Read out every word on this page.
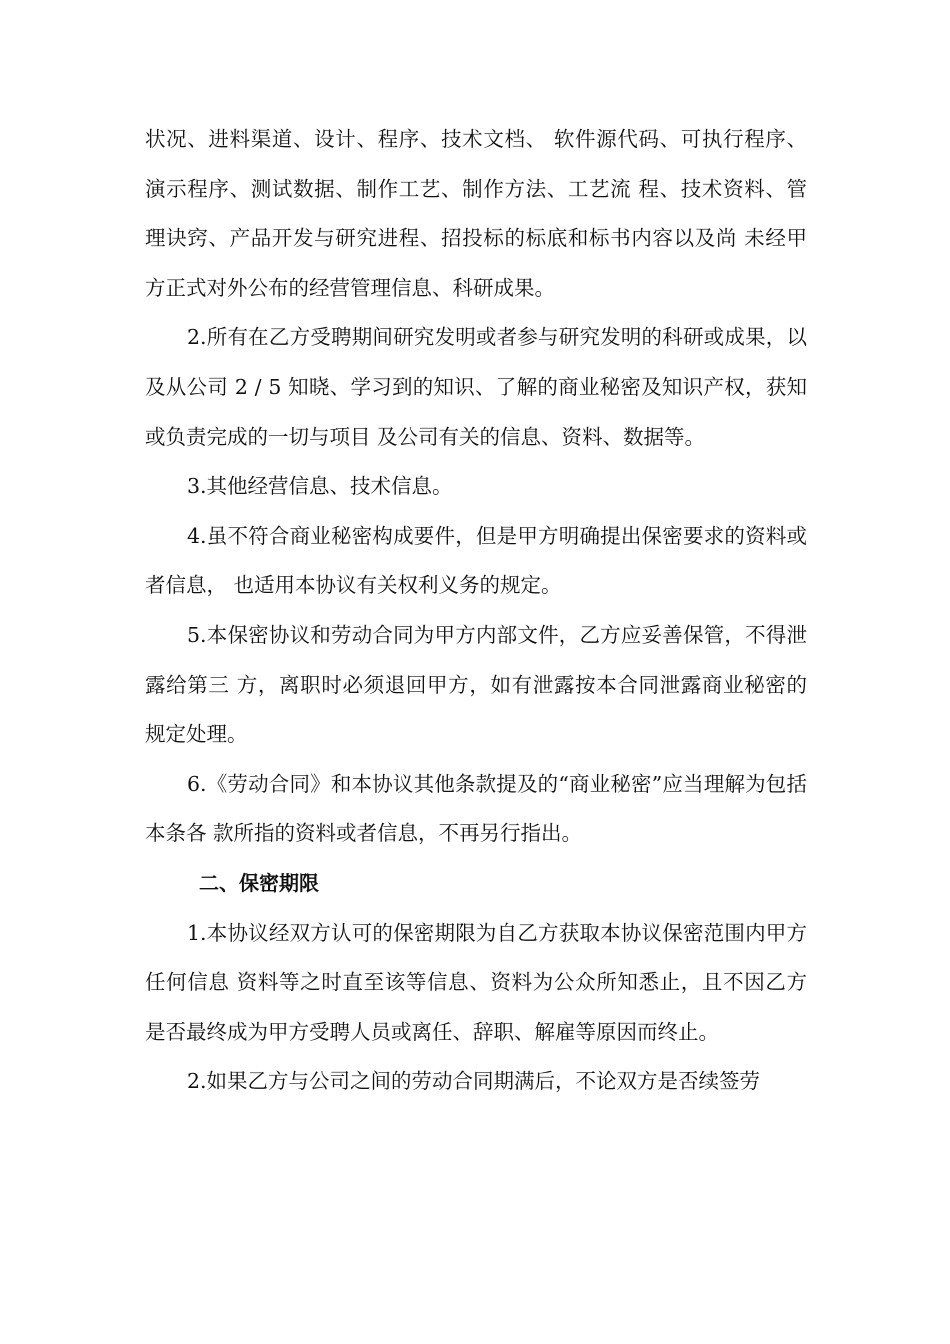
状况、进料渠道、设计、程序、技术文档、 软件源代码、可执行程序、演示程序、测试数据、制作工艺、制作方法、工艺流 程、技术资料、管理诀窍、产品开发与研究进程、招投标的标底和标书内容以及尚 未经甲方正式对外公布的经营管理信息、科研成果。

2.所有在乙方受聘期间研究发明或者参与研究发明的科研或成果，以及从公司 2 / 5 知晓、学习到的知识、了解的商业秘密及知识产权，获知或负责完成的一切与项目 及公司有关的信息、资料、数据等。

3.其他经营信息、技术信息。

4.虽不符合商业秘密构成要件，但是甲方明确提出保密要求的资料或者信息， 也适用本协议有关权利义务的规定。

5.本保密协议和劳动合同为甲方内部文件，乙方应妥善保管，不得泄露给第三 方，离职时必须退回甲方，如有泄露按本合同泄露商业秘密的规定处理。

6.《劳动合同》和本协议其他条款提及的“商业秘密”应当理解为包括本条各 款所指的资料或者信息，不再另行指出。

二、保密期限

1.本协议经双方认可的保密期限为自乙方获取本协议保密范围内甲方任何信息 资料等之时直至该等信息、资料为公众所知悉止，且不因乙方是否最终成为甲方受聘人员或离任、辞职、解雇等原因而终止。

2.如果乙方与公司之间的劳动合同期满后，不论双方是否续签劳
